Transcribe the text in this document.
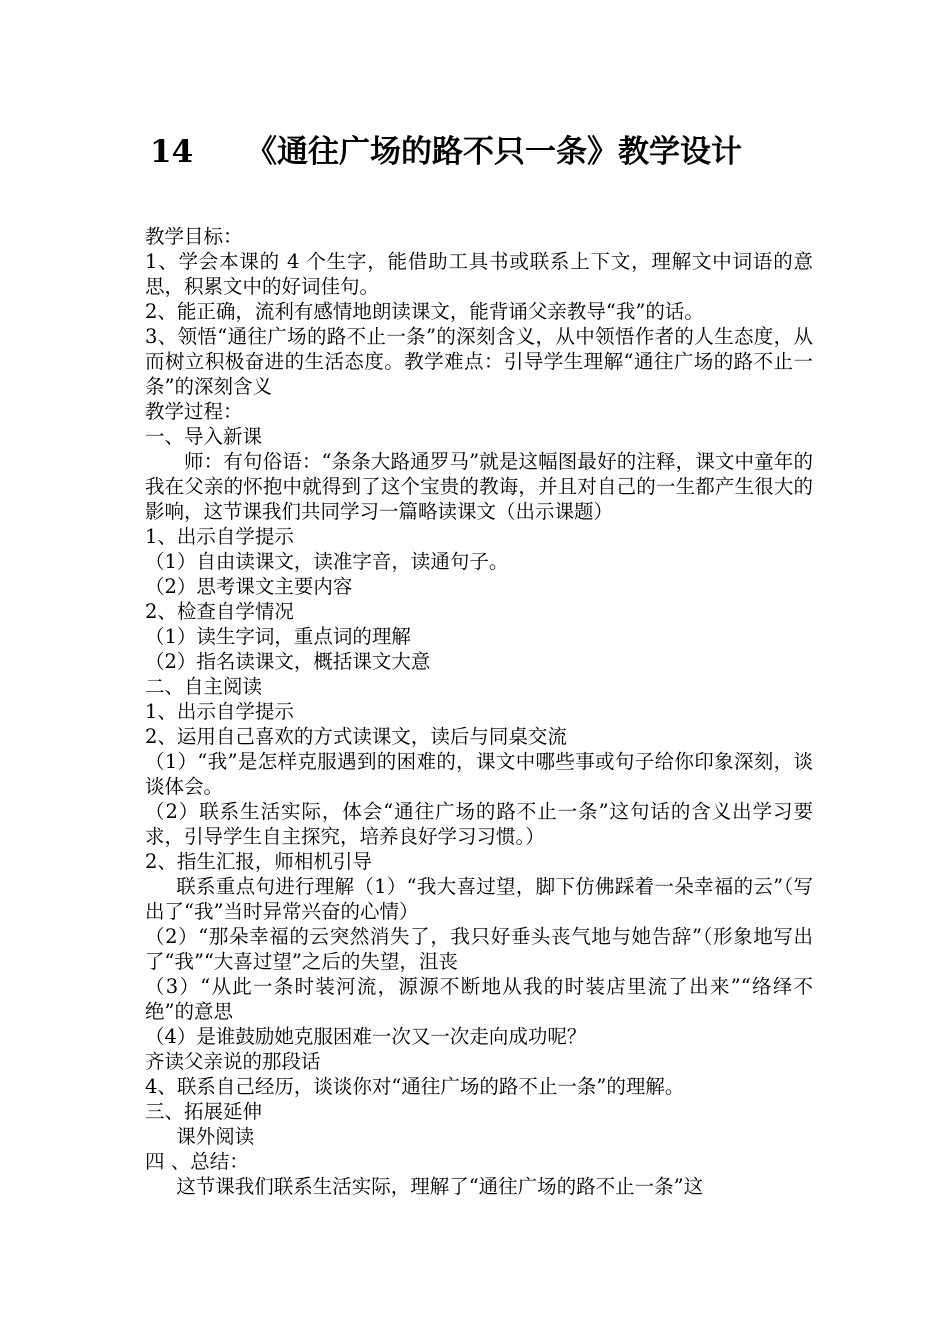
14 《通往广场的路不只一条》教学设计

教学目标：

1、学会本课的 4 个生字，能借助工具书或联系上下文，理解文中词语的意思，积累文中的好词佳句。

2、能正确，流利有感情地朗读课文，能背诵父亲教导“我”的话。

3、领悟“通往广场的路不止一条”的深刻含义，从中领悟作者的人生态度，从而树立积极奋进的生活态度。教学难点：引导学生理解“通往广场的路不止一条”的深刻含义

教学过程：

一、导入新课

师：有句俗语：“条条大路通罗马”就是这幅图最好的注释，课文中童年的我在父亲的怀抱中就得到了这个宝贵的教诲，并且对自己的一生都产生很大的影响，这节课我们共同学习一篇略读课文（出示课题）

1、出示自学提示

（1）自由读课文，读准字音，读通句子。

（2）思考课文主要内容

2、检查自学情况

（1）读生字词，重点词的理解

（2）指名读课文，概括课文大意

二、自主阅读

1、出示自学提示

2、运用自己喜欢的方式读课文，读后与同桌交流

（1）“我”是怎样克服遇到的困难的，课文中哪些事或句子给你印象深刻，谈谈体会。

（2）联系生活实际，体会“通往广场的路不止一条”这句话的含义出学习要求，引导学生自主探究，培养良好学习习惯。）

2、指生汇报，师相机引导

联系重点句进行理解（1）“我大喜过望，脚下仿佛踩着一朵幸福的云”（写出了“我”当时异常兴奋的心情）

（2）“那朵幸福的云突然消失了，我只好垂头丧气地与她告辞”（形象地写出了“我”“大喜过望”之后的失望，沮丧

（3）“从此一条时装河流，源源不断地从我的时装店里流了出来”“络绎不绝”的意思

（4）是谁鼓励她克服困难一次又一次走向成功呢？

齐读父亲说的那段话

4、联系自己经历，谈谈你对“通往广场的路不止一条”的理解。

三、拓展延伸

课外阅读

四 、总结：

这节课我们联系生活实际，理解了“通往广场的路不止一条”这
